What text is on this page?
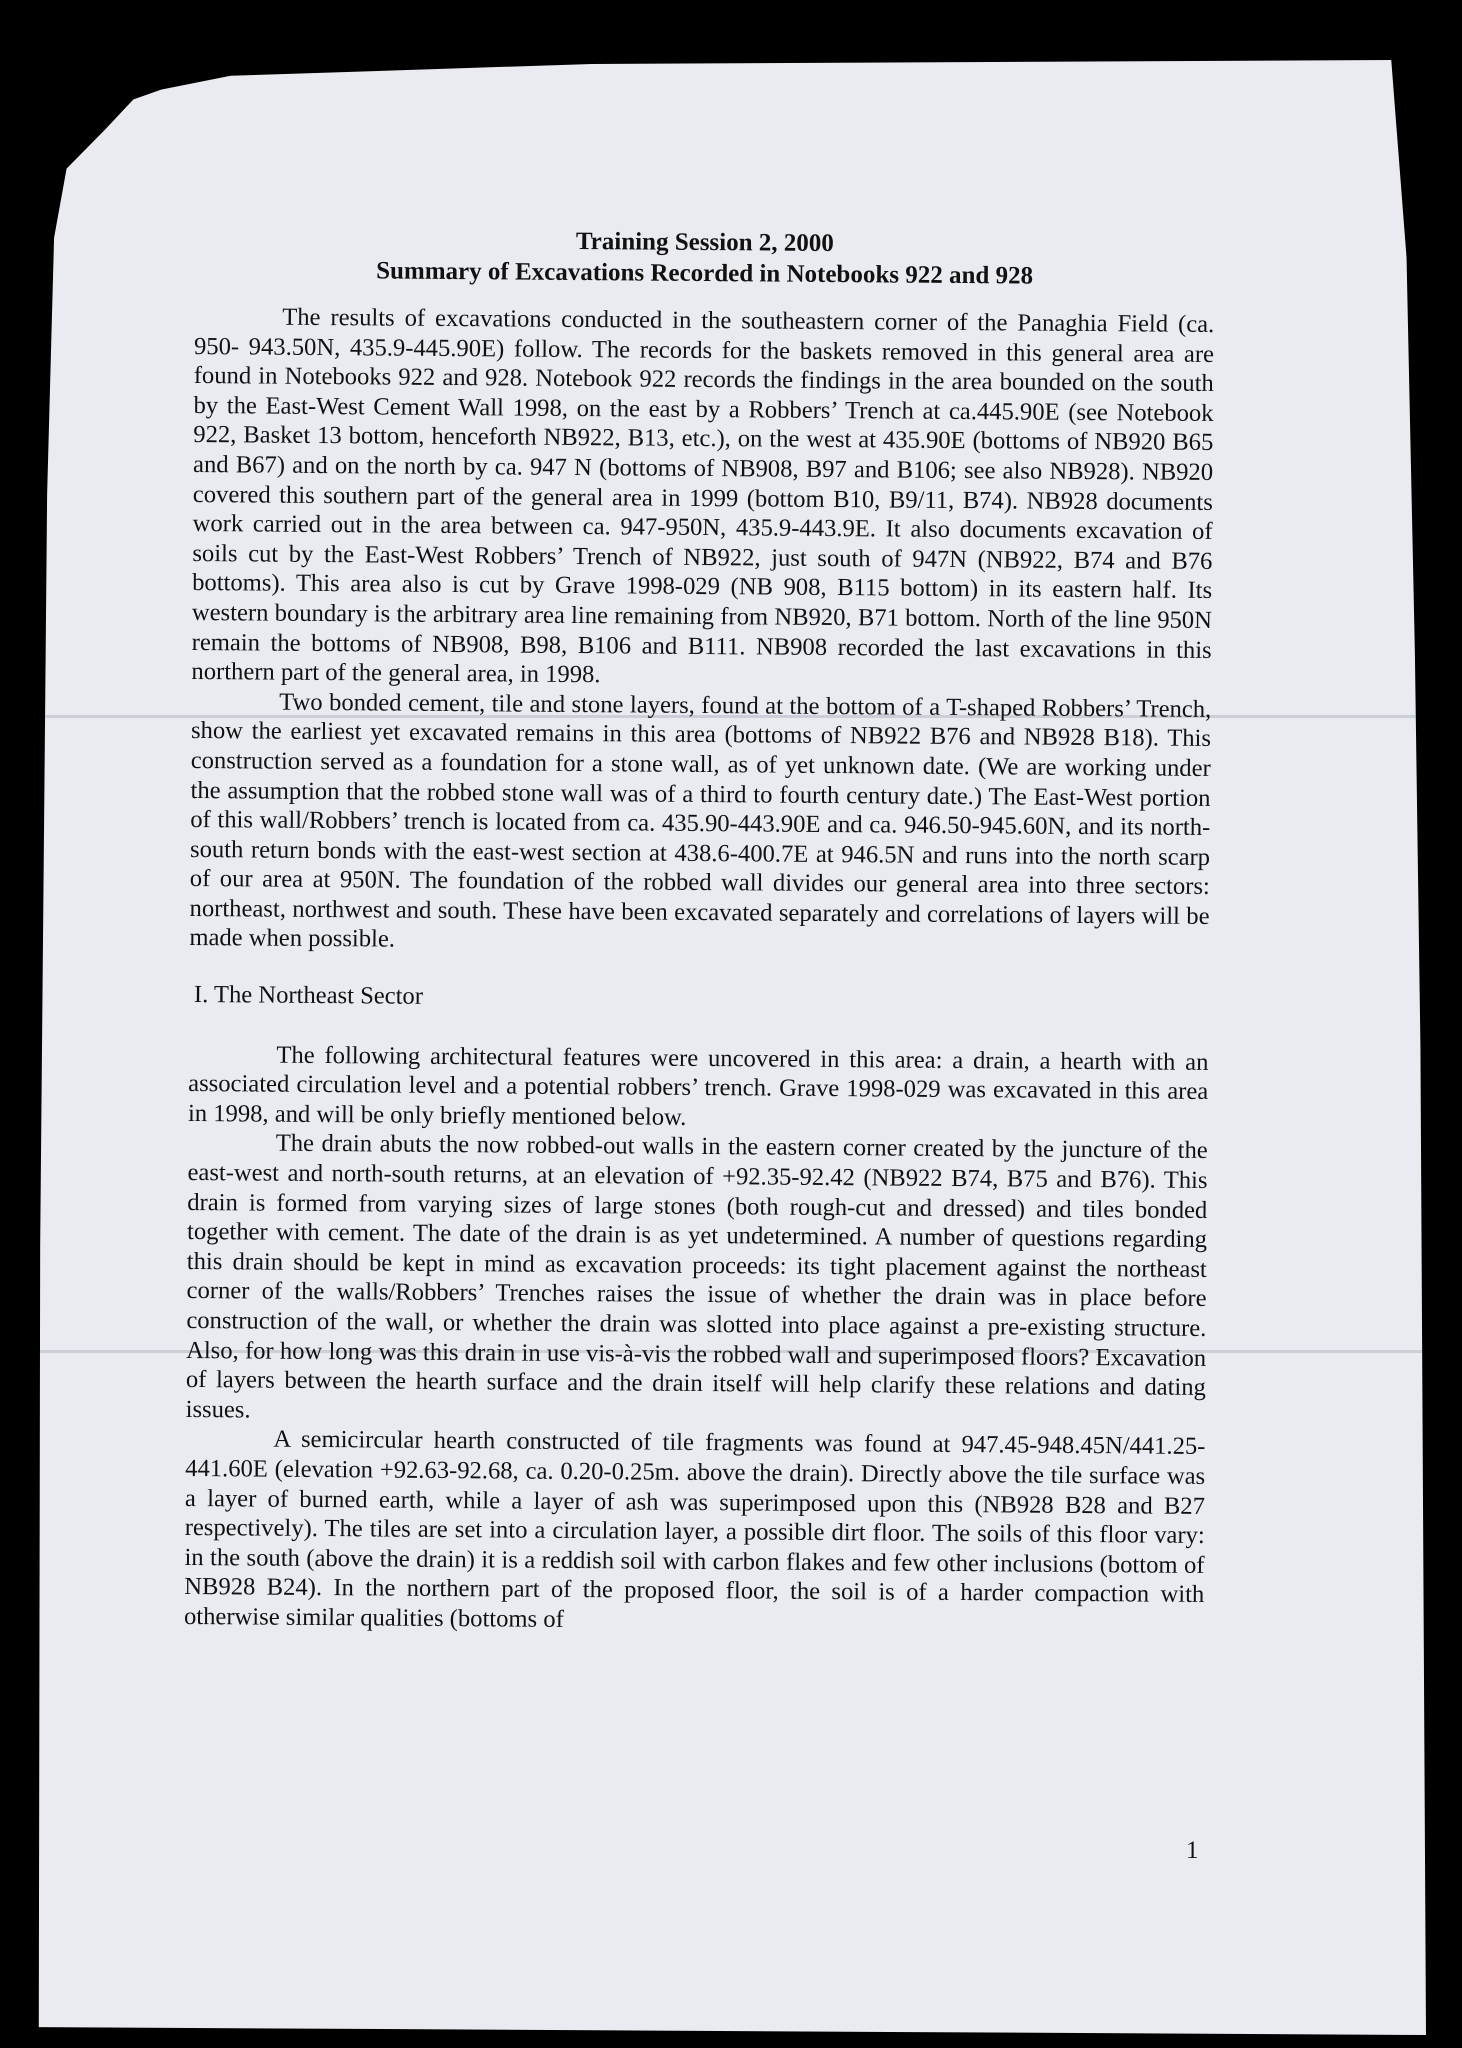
Training Session 2, 2000

Summary of Excavations Recorded in Notebooks 922 and 928

The results of excavations conducted in the southeastern corner of the Panaghia Field (ca. 950- 943.50N, 435.9-445.90E) follow. The records for the baskets removed in this general area are found in Notebooks 922 and 928. Notebook 922 records the findings in the area bounded on the south by the East-West Cement Wall 1998, on the east by a Robbers’ Trench at ca.445.90E (see Notebook 922, Basket 13 bottom, henceforth NB922, B13, etc.), on the west at 435.90E (bottoms of NB920 B65 and B67) and on the north by ca. 947 N (bottoms of NB908, B97 and B106; see also NB928). NB920 covered this southern part of the general area in 1999 (bottom B10, B9/11, B74). NB928 documents work carried out in the area between ca. 947-950N, 435.9-443.9E. It also documents excavation of soils cut by the East-West Robbers’ Trench of NB922, just south of 947N (NB922, B74 and B76 bottoms). This area also is cut by Grave 1998-029 (NB 908, B115 bottom) in its eastern half. Its western boundary is the arbitrary area line remaining from NB920, B71 bottom. North of the line 950N remain the bottoms of NB908, B98, B106 and B111. NB908 recorded the last excavations in this northern part of the general area, in 1998.

Two bonded cement, tile and stone layers, found at the bottom of a T-shaped Robbers’ Trench, show the earliest yet excavated remains in this area (bottoms of NB922 B76 and NB928 B18). This construction served as a foundation for a stone wall, as of yet unknown date. (We are working under the assumption that the robbed stone wall was of a third to fourth century date.) The East-West portion of this wall/Robbers’ trench is located from ca. 435.90-443.90E and ca. 946.50-945.60N, and its north-south return bonds with the east-west section at 438.6-400.7E at 946.5N and runs into the north scarp of our area at 950N. The foundation of the robbed wall divides our general area into three sectors: northeast, northwest and south. These have been excavated separately and correlations of layers will be made when possible.

I. The Northeast Sector

The following architectural features were uncovered in this area: a drain, a hearth with an associated circulation level and a potential robbers’ trench. Grave 1998-029 was excavated in this area in 1998, and will be only briefly mentioned below.

The drain abuts the now robbed-out walls in the eastern corner created by the juncture of the east-west and north-south returns, at an elevation of +92.35-92.42 (NB922 B74, B75 and B76). This drain is formed from varying sizes of large stones (both rough-cut and dressed) and tiles bonded together with cement. The date of the drain is as yet undetermined. A number of questions regarding this drain should be kept in mind as excavation proceeds: its tight placement against the northeast corner of the walls/Robbers’ Trenches raises the issue of whether the drain was in place before construction of the wall, or whether the drain was slotted into place against a pre-existing structure. Also, for how long was this drain in use vis-à-vis the robbed wall and superimposed floors? Excavation of layers between the hearth surface and the drain itself will help clarify these relations and dating issues.

A semicircular hearth constructed of tile fragments was found at 947.45-948.45N/441.25-441.60E (elevation +92.63-92.68, ca. 0.20-0.25m. above the drain). Directly above the tile surface was a layer of burned earth, while a layer of ash was superimposed upon this (NB928 B28 and B27 respectively). The tiles are set into a circulation layer, a possible dirt floor. The soils of this floor vary: in the south (above the drain) it is a reddish soil with carbon flakes and few other inclusions (bottom of NB928 B24). In the northern part of the proposed floor, the soil is of a harder compaction with otherwise similar qualities (bottoms of

1
